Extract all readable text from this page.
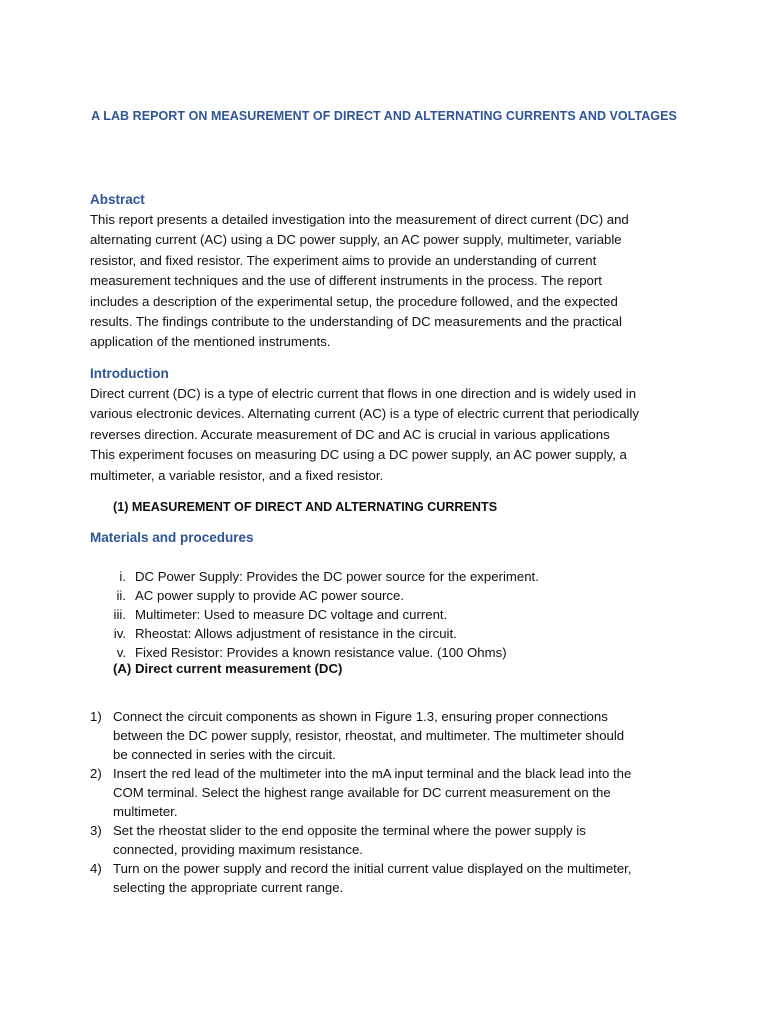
A LAB REPORT ON MEASUREMENT OF DIRECT AND ALTERNATING CURRENTS AND VOLTAGES
Abstract
This report presents a detailed investigation into the measurement of direct current (DC) and
alternating current (AC) using a DC power supply, an AC power supply, multimeter, variable
resistor, and fixed resistor. The experiment aims to provide an understanding of current
measurement techniques and the use of different instruments in the process. The report
includes a description of the experimental setup, the procedure followed, and the expected
results. The findings contribute to the understanding of DC measurements and the practical
application of the mentioned instruments.
Introduction
Direct current (DC) is a type of electric current that flows in one direction and is widely used in
various electronic devices. Alternating current (AC) is a type of electric current that periodically
reverses direction. Accurate measurement of DC and AC is crucial in various applications
This experiment focuses on measuring DC using a DC power supply, an AC power supply, a
multimeter, a variable resistor, and a fixed resistor.
(1) MEASUREMENT OF DIRECT AND ALTERNATING CURRENTS
Materials and procedures
i. DC Power Supply: Provides the DC power source for the experiment.
ii. AC power supply to provide AC power source.
iii. Multimeter: Used to measure DC voltage and current.
iv. Rheostat: Allows adjustment of resistance in the circuit.
v. Fixed Resistor: Provides a known resistance value. (100 Ohms)
(A) Direct current measurement (DC)
1) Connect the circuit components as shown in Figure 1.3, ensuring proper connections
between the DC power supply, resistor, rheostat, and multimeter. The multimeter should
be connected in series with the circuit.
2) Insert the red lead of the multimeter into the mA input terminal and the black lead into the
COM terminal. Select the highest range available for DC current measurement on the
multimeter.
3) Set the rheostat slider to the end opposite the terminal where the power supply is
connected, providing maximum resistance.
4) Turn on the power supply and record the initial current value displayed on the multimeter,
selecting the appropriate current range.
